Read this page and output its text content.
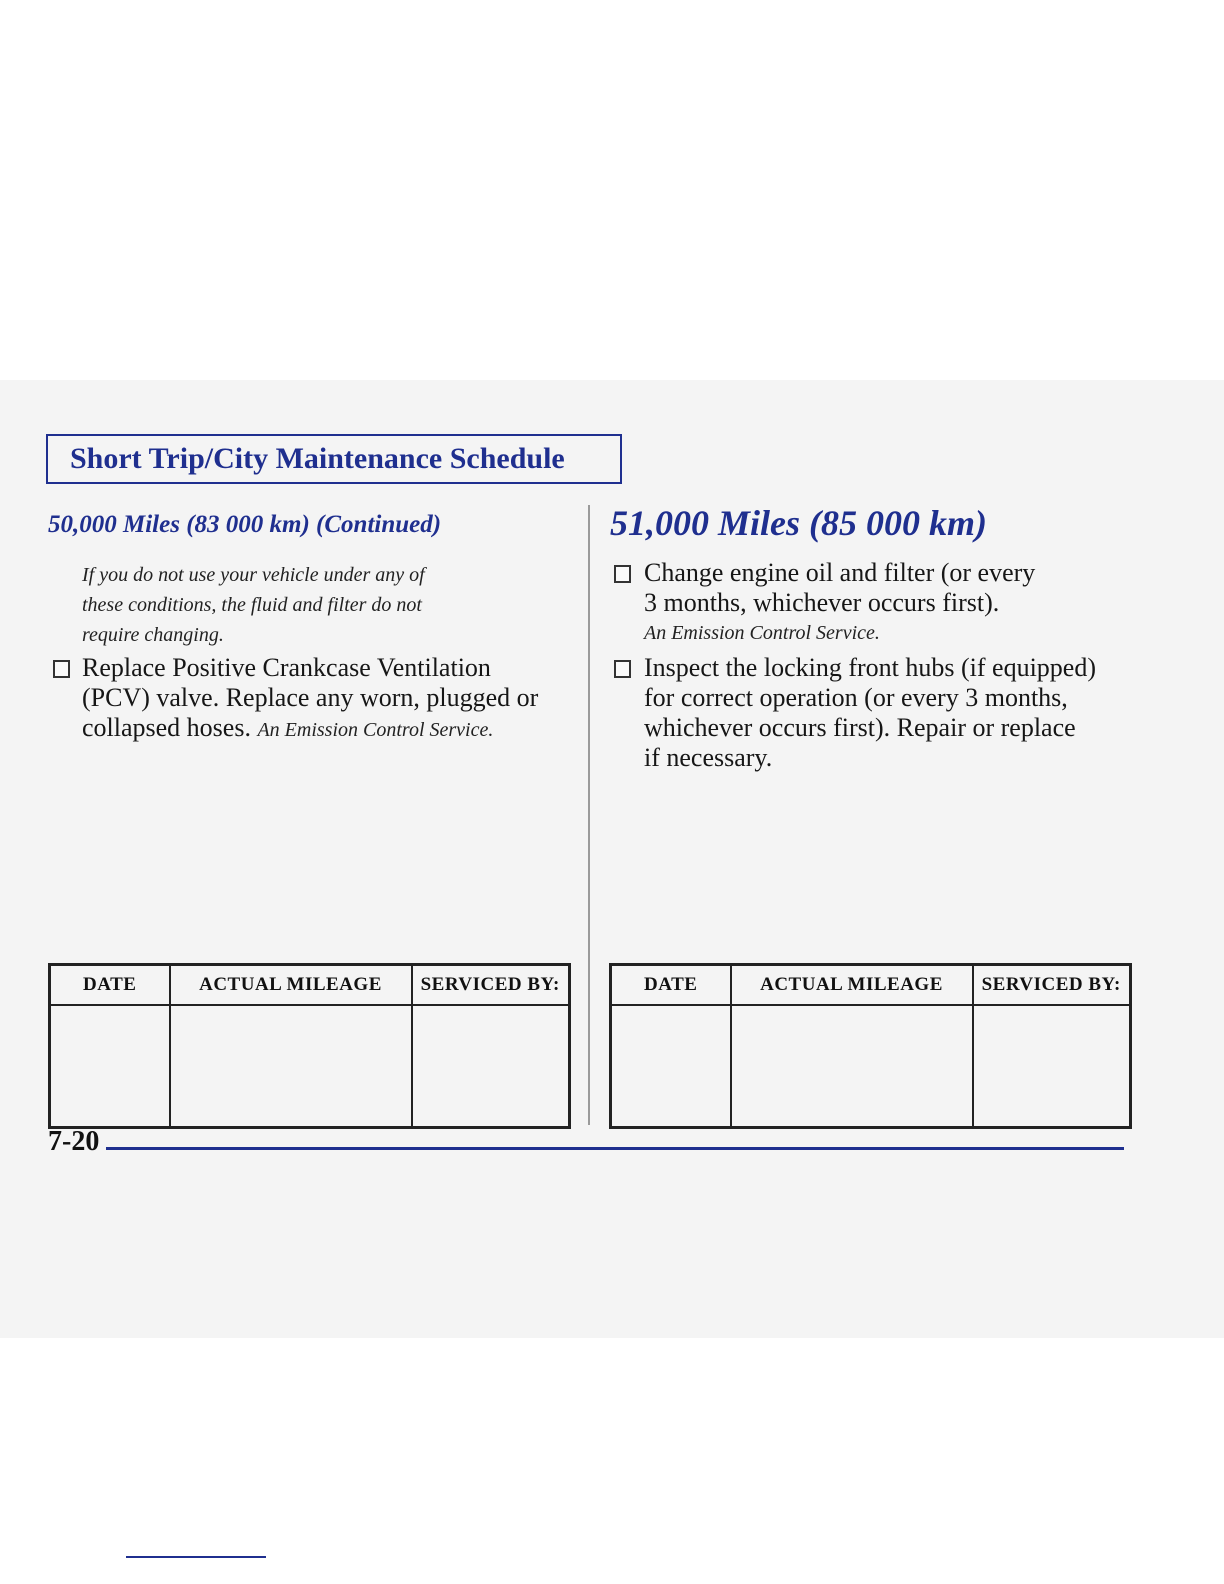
Short Trip/City Maintenance Schedule
50,000 Miles (83 000 km) (Continued)
If you do not use your vehicle under any of
these conditions, the fluid and filter do not
require changing.
Replace Positive Crankcase Ventilation
(PCV) valve. Replace any worn, plugged or
collapsed hoses. An Emission Control Service.
DATE	ACTUAL MILEAGE	SERVICED BY:

51,000 Miles (85 000 km)
Change engine oil and filter (or every
3 months, whichever occurs first).
An Emission Control Service.
Inspect the locking front hubs (if equipped)
for correct operation (or every 3 months,
whichever occurs first). Repair or replace
if necessary.
DATE	ACTUAL MILEAGE	SERVICED BY:

7-20
